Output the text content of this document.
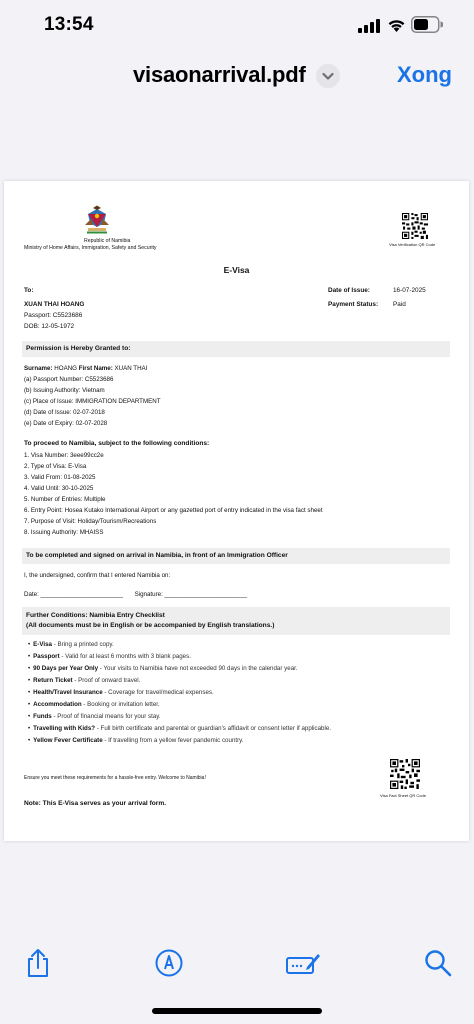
13:54
visaonarrival.pdf	Xong
Republic of Namibia
Ministry of Home Affairs, Immigration, Safety and Security
Visa Verification QR Code
E-Visa
To:
XUAN THAI HOANG
Passport: C5523686
DOB: 12-05-1972
Date of Issue:	16-07-2025
Payment Status: Paid
Permission is Hereby Granted to:
Surname: HOANG First Name: XUAN THAI
(a) Passport Number: C5523686
(b) Issuing Authority: Vietnam
(c) Place of Issue: IMMIGRATION DEPARTMENT
(d) Date of Issue: 02-07-2018
(e) Date of Expiry: 02-07-2028
To proceed to Namibia, subject to the following conditions:
1. Visa Number: 3eee99cc2e
2. Type of Visa: E-Visa
3. Valid From: 01-08-2025
4. Valid Until: 30-10-2025
5. Number of Entries: Multiple
6. Entry Point: Hosea Kutako International Airport or any gazetted port of entry indicated in the visa fact sheet
7. Purpose of Visit: Holiday/Tourism/Recreations
8. Issuing Authority: MHAISS
To be completed and signed on arrival in Namibia, in front of an Immigration Officer
I, the undersigned, confirm that I entered Namibia on:
Date: ________________________ Signature: ________________________
Further Conditions: Namibia Entry Checklist
(All documents must be in English or be accompanied by English translations.)
• E-Visa - Bring a printed copy.
• Passport - Valid for at least 6 months with 3 blank pages.
• 90 Days per Year Only - Your visits to Namibia have not exceeded 90 days in the calendar year.
• Return Ticket - Proof of onward travel.
• Health/Travel Insurance - Coverage for travel/medical expenses.
• Accommodation - Booking or invitation letter.
• Funds - Proof of financial means for your stay.
• Travelling with Kids? - Full birth certificate and parental or guardian's affidavit or consent letter if applicable.
• Yellow Fever Certificate - If travelling from a yellow fever pandemic country.
Visa Fact Sheet QR Code
Ensure you meet these requirements for a hassle-free entry. Welcome to Namibia!
Note: This E-Visa serves as your arrival form.
